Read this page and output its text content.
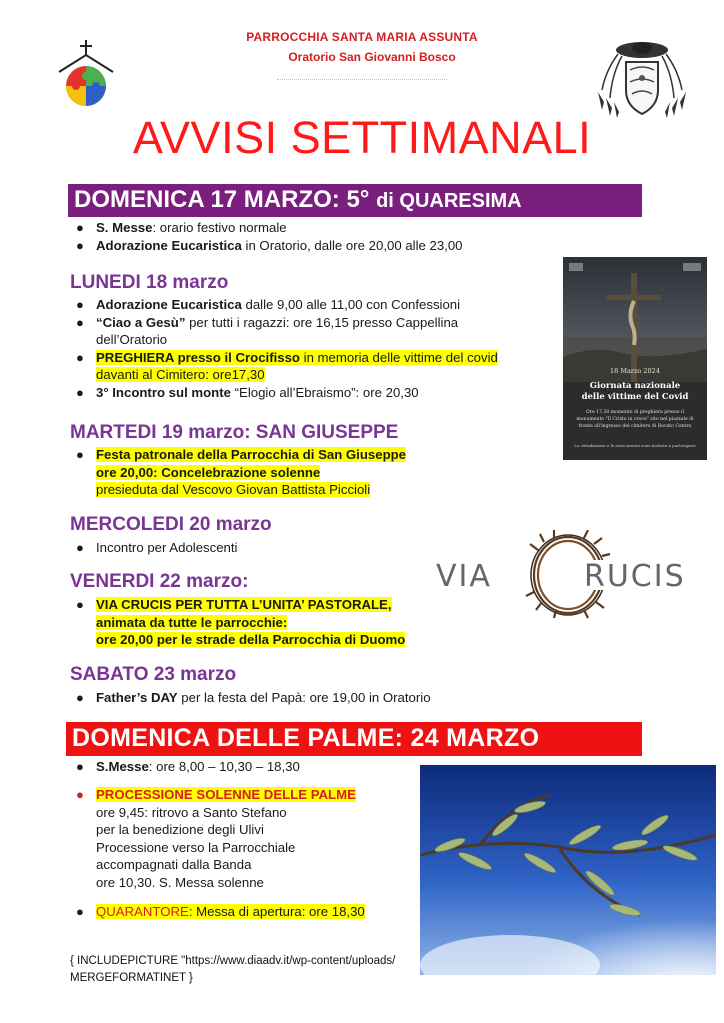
PARROCCHIA SANTA MARIA ASSUNTA
Oratorio San Giovanni Bosco
AVVISI SETTIMANALI
DOMENICA 17 MARZO: 5° di QUARESIMA
● S. Messe: orario festivo normale
● Adorazione Eucaristica in Oratorio, dalle ore 20,00 alle 23,00
LUNEDI 18 marzo
● Adorazione Eucaristica dalle 9,00 alle 11,00 con Confessioni
● “Ciao a Gesù” per tutti i ragazzi: ore 16,15 presso Cappellina
dell’Oratorio
● PREGHIERA presso il Crocifisso in memoria delle vittime del covid
davanti al Cimitero: ore17,30
● 3° Incontro sul monte “Elogio all’Ebraismo”: ore 20,30
18 Marzo 2024
Giornata nazionale
delle vittime del Covid
Ore 17.30 momento di preghiera presso il
monumento "Il Cristo in croce" sito nel piazzale di
fronte all'ingresso del cimitero di Rovato Centro
La cittadinanza e le associazioni sono invitate a partecipare
MARTEDI 19 marzo: SAN GIUSEPPE
● Festa patronale della Parrocchia di San Giuseppe
ore 20,00: Concelebrazione solenne
presieduta dal Vescovo Giovan Battista Piccioli
MERCOLEDI 20 marzo
● Incontro per Adolescenti
VIA	RUCIS
VENERDI 22 marzo:
● VIA CRUCIS PER TUTTA L’UNITA’ PASTORALE,
animata da tutte le parrocchie:
ore 20,00 per le strade della Parrocchia di Duomo
SABATO 23 marzo
● Father’s DAY per la festa del Papà: ore 19,00 in Oratorio
DOMENICA DELLE PALME: 24 MARZO
● S.Messe: ore 8,00 – 10,30 – 18,30
● PROCESSIONE SOLENNE DELLE PALME
ore 9,45: ritrovo a Santo Stefano
per la benedizione degli Ulivi
Processione verso la Parrocchiale
accompagnati dalla Banda
ore 10,30. S. Messa solenne
● QUARANTORE: Messa di apertura: ore 18,30
{ INCLUDEPICTURE "https://www.diaadv.it/wp-content/uploads/
MERGEFORMATINET }
